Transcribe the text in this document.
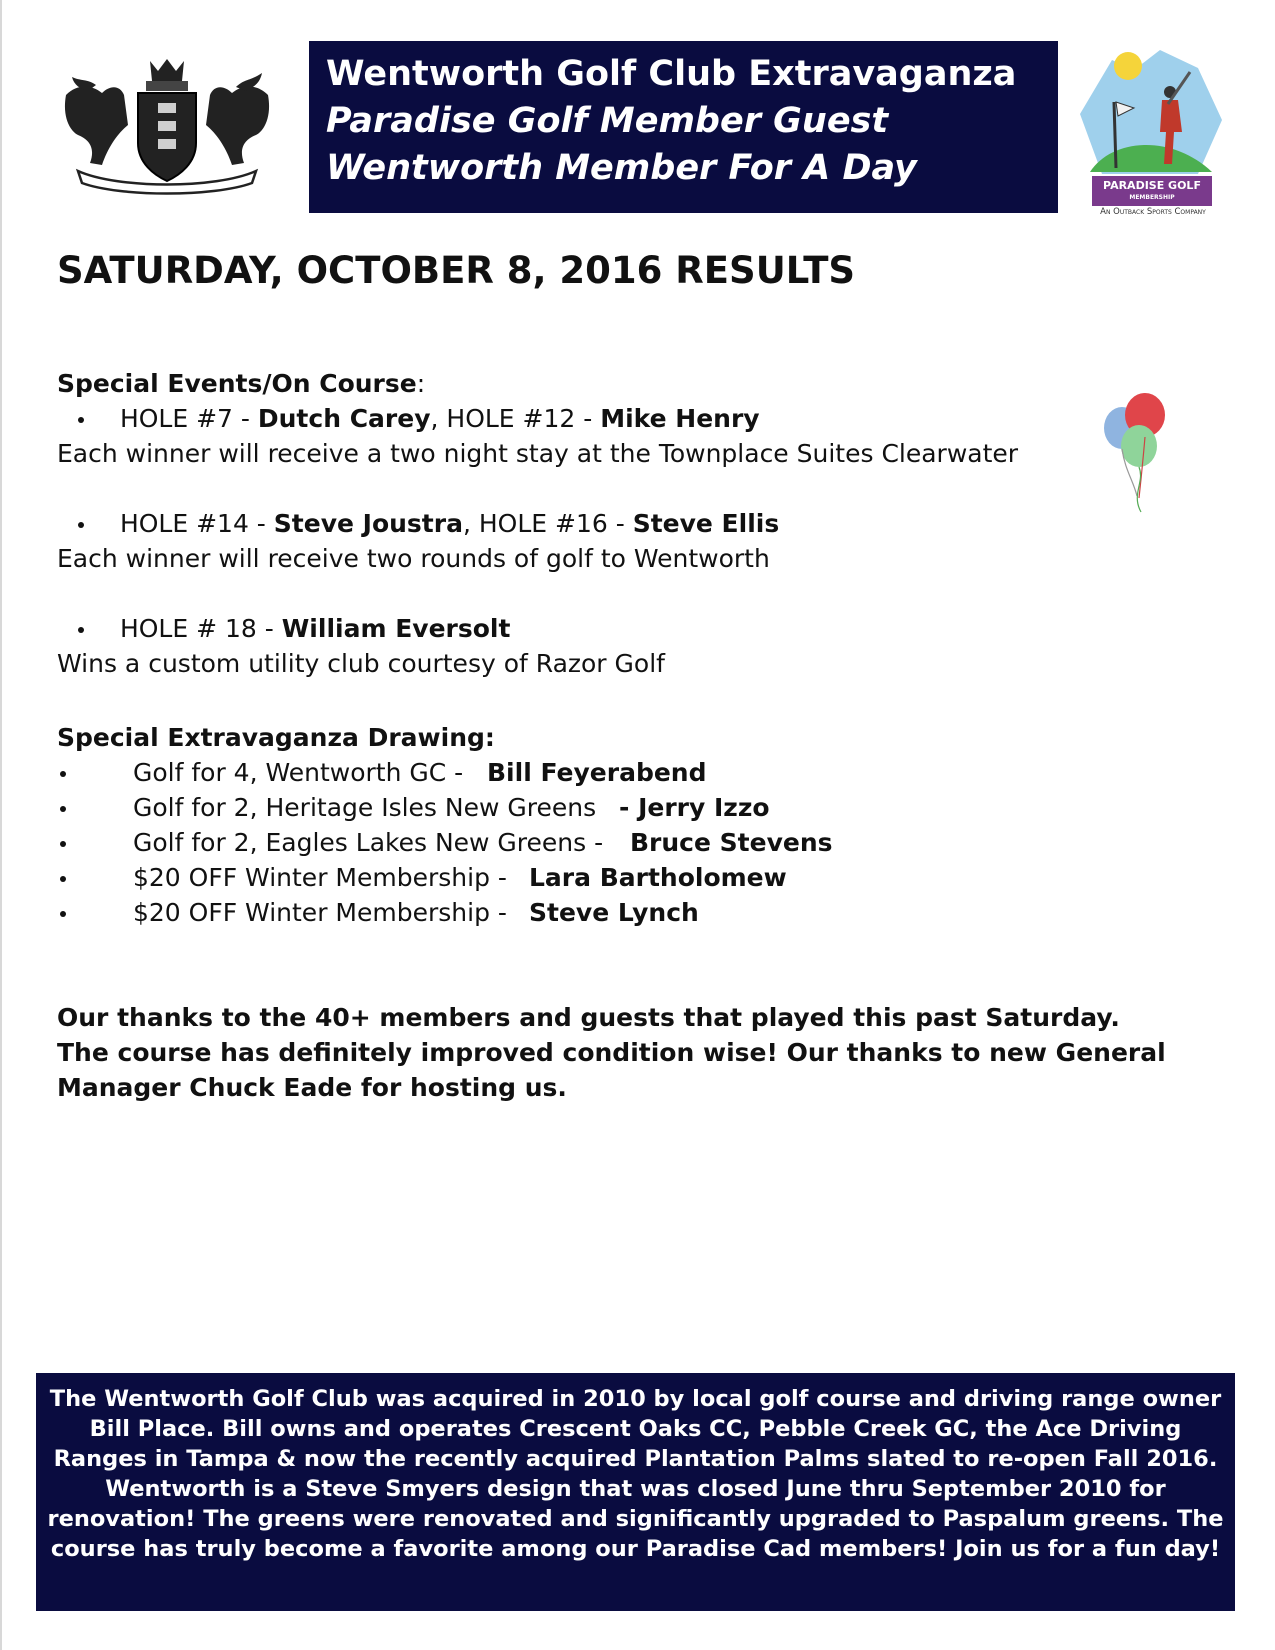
Wentworth Golf Club Extravaganza
Paradise Golf Member Guest
Wentworth Member For A Day	PARADISE GOLF
MEMBERSHIP
An Outback Sports Company
SATURDAY, OCTOBER 8, 2016 RESULTS
Special Events/On Course:
HOLE #7 - Dutch Carey, HOLE #12 - Mike Henry
Each winner will receive a two night stay at the Townplace Suites Clearwater
HOLE #14 - Steve Joustra, HOLE #16 - Steve Ellis
Each winner will receive two rounds of golf to Wentworth
HOLE # 18 - William Eversolt
Wins a custom utility club courtesy of Razor Golf
Special Extravaganza Drawing:
Golf for 4, Wentworth GC - Bill Feyerabend
Golf for 2, Heritage Isles New Greens - Jerry Izzo
Golf for 2, Eagles Lakes New Greens - Bruce Stevens
$20 OFF Winter Membership - Lara Bartholomew
$20 OFF Winter Membership - Steve Lynch
Our thanks to the 40+ members and guests that played this past Saturday.
The course has definitely improved condition wise! Our thanks to new General
Manager Chuck Eade for hosting us.
The Wentworth Golf Club was acquired in 2010 by local golf course and driving range owner
Bill Place. Bill owns and operates Crescent Oaks CC, Pebble Creek GC, the Ace Driving
Ranges in Tampa & now the recently acquired Plantation Palms slated to re-open Fall 2016.
Wentworth is a Steve Smyers design that was closed June thru September 2010 for
renovation! The greens were renovated and significantly upgraded to Paspalum greens. The
course has truly become a favorite among our Paradise Cad members! Join us for a fun day!
